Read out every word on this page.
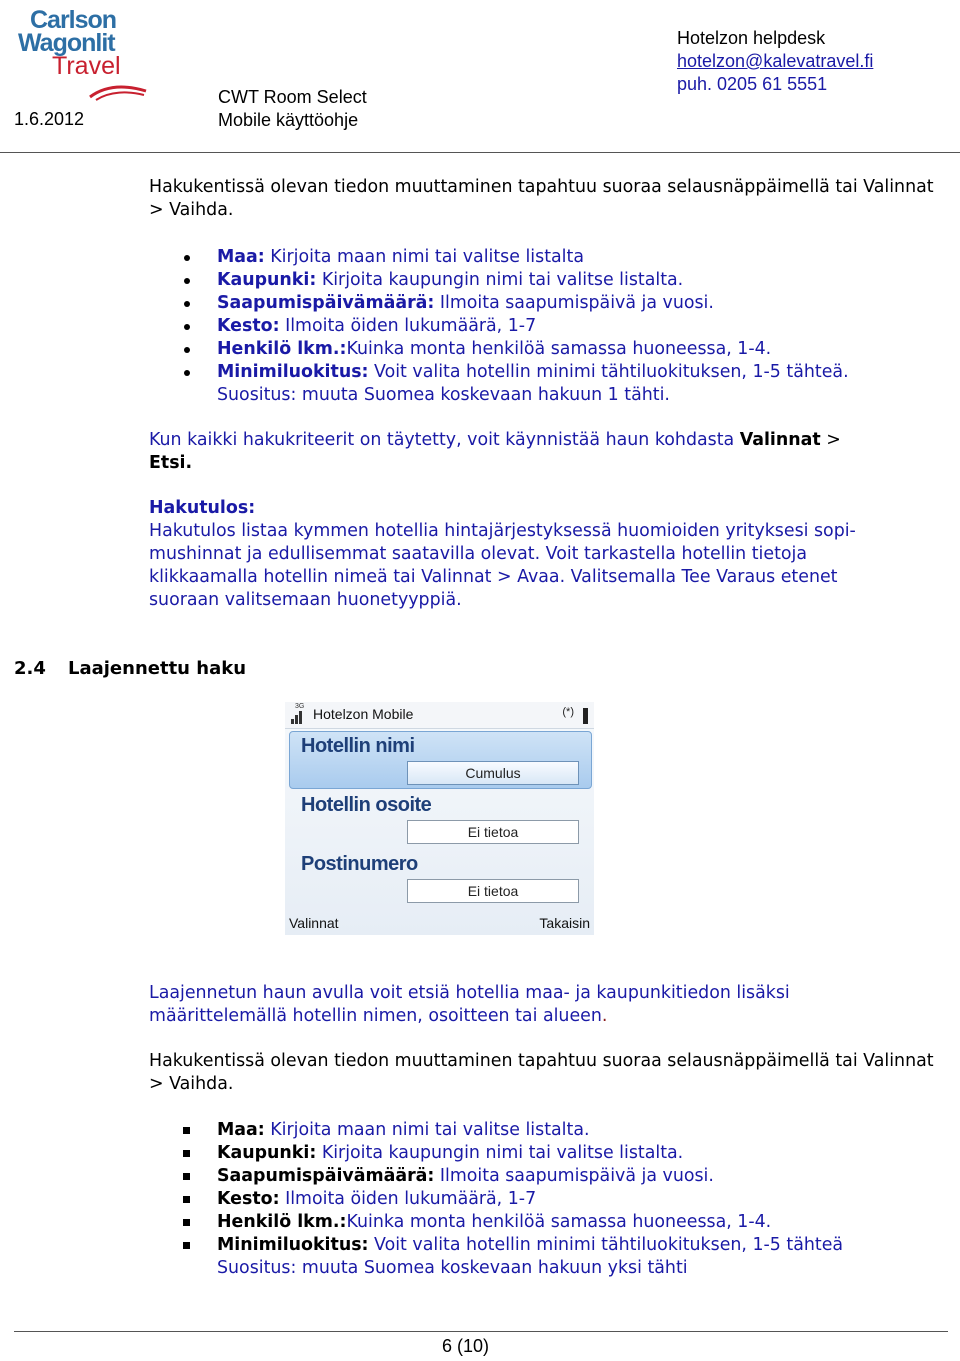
Carlson
Wagonlit
Travel
1.6.2012
CWT Room Select
Mobile käyttöohje
Hotelzon helpdesk
hotelzon@kalevatravel.fi
puh. 0205 61 5551
Hakukentissä olevan tiedon muuttaminen tapahtuu suoraa selausnäppäimellä tai Valinnat > Vaihda.
Maa: Kirjoita maan nimi tai valitse listalta
Kaupunki: Kirjoita kaupungin nimi tai valitse listalta.
Saapumispäivämäärä: Ilmoita saapumispäivä ja vuosi.
Kesto: Ilmoita öiden lukumäärä, 1-7
Henkilö lkm.:Kuinka monta henkilöä samassa huoneessa, 1-4.
Minimiluokitus: Voit valita hotellin minimi tähtiluokituksen, 1-5 tähteä.
Suositus: muuta Suomea koskevaan hakuun 1 tähti.
Kun kaikki hakukriteerit on täytetty, voit käynnistää haun kohdasta Valinnat >
Etsi.
Hakutulos:
Hakutulos listaa kymmen hotellia hintajärjestyksessä huomioiden yrityksesi sopi-
mushinnat ja edullisemmat saatavilla olevat. Voit tarkastella hotellin tietoja
klikkaamalla hotellin nimeä tai Valinnat > Avaa. Valitsemalla Tee Varaus etenet
suoraan valitsemaan huonetyyppiä.
2.4 Laajennettu haku
3G Hotelzon Mobile	(*)
Hotellin nimi
Cumulus
Hotellin osoite
Ei tietoa
Postinumero
Ei tietoa
Valinnat	Takaisin
Laajennetun haun avulla voit etsiä hotellia maa- ja kaupunkitiedon lisäksi
määrittelemällä hotellin nimen, osoitteen tai alueen.
Hakukentissä olevan tiedon muuttaminen tapahtuu suoraa selausnäppäimellä tai Valinnat > Vaihda.
Maa: Kirjoita maan nimi tai valitse listalta.
Kaupunki: Kirjoita kaupungin nimi tai valitse listalta.
Saapumispäivämäärä: Ilmoita saapumispäivä ja vuosi.
Kesto: Ilmoita öiden lukumäärä, 1-7
Henkilö lkm.:Kuinka monta henkilöä samassa huoneessa, 1-4.
Minimiluokitus: Voit valita hotellin minimi tähtiluokituksen, 1-5 tähteä
Suositus: muuta Suomea koskevaan hakuun yksi tähti
6 (10)
